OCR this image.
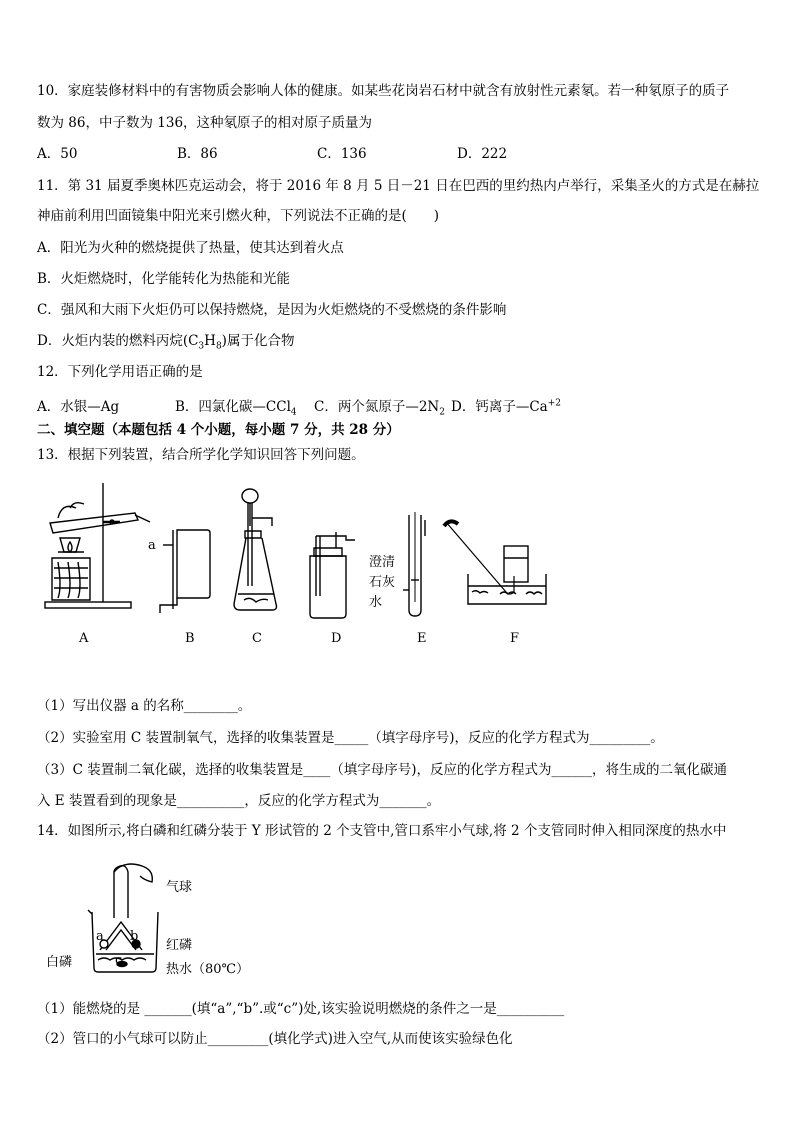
10．家庭装修材料中的有害物质会影响人体的健康。如某些花岗岩石材中就含有放射性元素氡。若一种氡原子的质子
数为 86，中子数为 136，这种氡原子的相对原子质量为
A．50	B．86	C．136	D．222
11．第 31 届夏季奥林匹克运动会，将于 2016 年 8 月 5 日－21 日在巴西的里约热内卢举行，采集圣火的方式是在赫拉
神庙前利用凹面镜集中阳光来引燃火种，下列说法不正确的是(　　)
A．阳光为火种的燃烧提供了热量，使其达到着火点
B．火炬燃烧时，化学能转化为热能和光能
C．强风和大雨下火炬仍可以保持燃烧，是因为火炬燃烧的不受燃烧的条件影响
D．火炬内装的燃料丙烷$(C_3H_8)$属于化合物
12．下列化学用语正确的是
A．水银—Ag	B．四氯化碳—CCl$_4$ C．两个氮原子$—2N_2$ D．钙离子$—Ca^{+2}$
二、填空题（本题包括 4 个小题，每小题 7 分，共 28 分）
13．根据下列装置，结合所学化学知识回答下列问题。
a
澄清
石灰
水
A	B	C	D	E	F
（1）写出仪器 a 的名称________。
（2）实验室用 C 装置制氧气，选择的收集装置是_____（填字母序号)，反应的化学方程式为_________。
（3）C 装置制二氧化碳，选择的收集装置是____（填字母序号)，反应的化学方程式为______，将生成的二氧化碳通
入 E 装置看到的现象是__________，反应的化学方程式为_______。
14．如图所示,将白磷和红磷分装于 Y 形试管的 2 个支管中,管口系牢小气球,将 2 个支管同时伸入相同深度的热水中
a b
c
气球
红磷
白磷	热水（80℃）
（1）能燃烧的是 _______(填“a”,“b”.或“c”)处,该实验说明燃烧的条件之一是__________
（2）管口的小气球可以防止_________(填化学式)进入空气,从而使该实验绿色化
